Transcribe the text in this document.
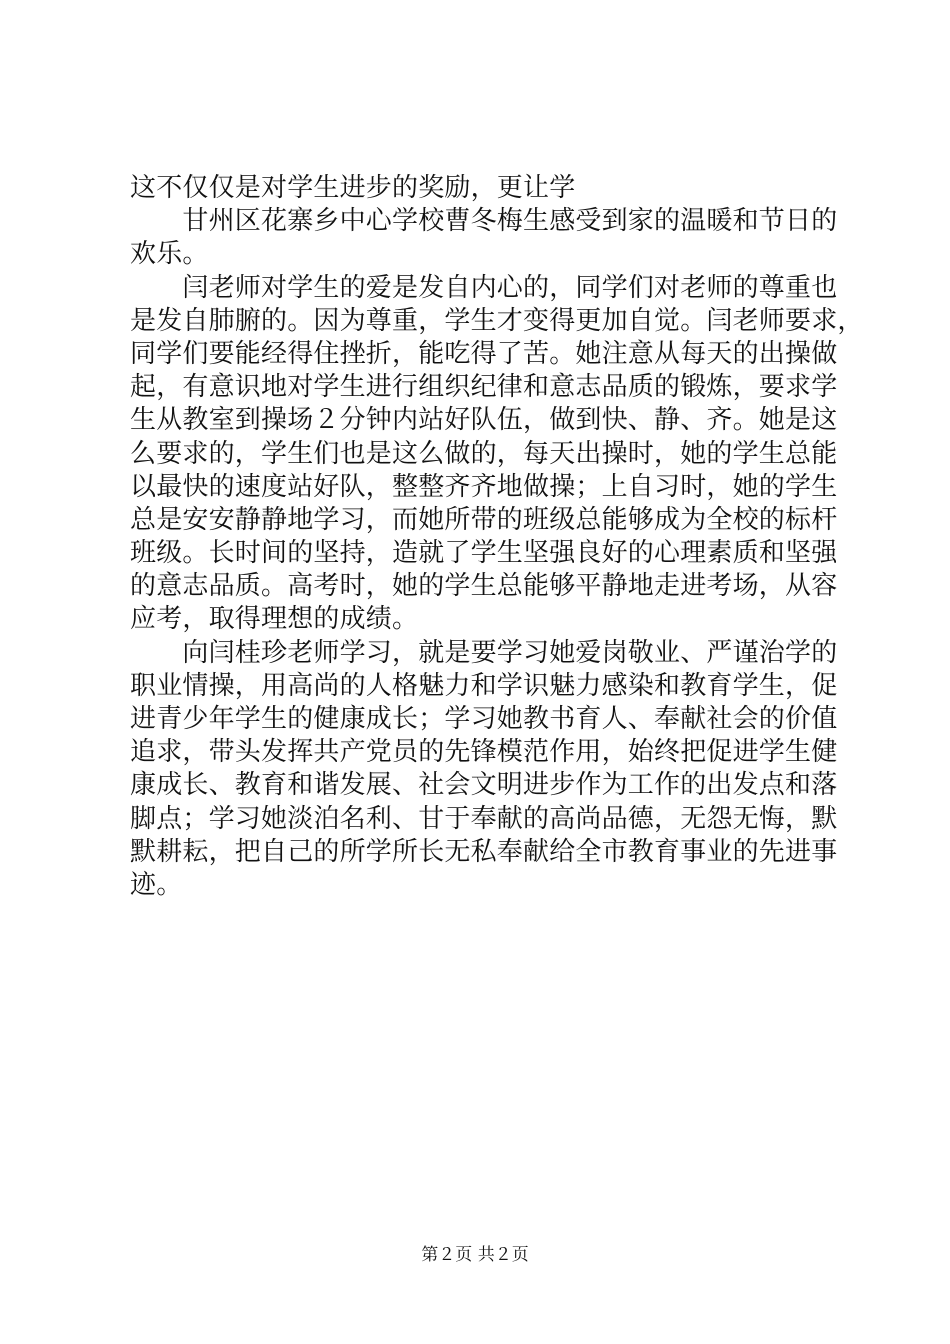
这不仅仅是对学生进步的奖励，更让学
　　甘州区花寨乡中心学校曹冬梅生感受到家的温暖和节日的
欢乐。
　　闫老师对学生的爱是发自内心的，同学们对老师的尊重也
是发自肺腑的。因为尊重，学生才变得更加自觉。闫老师要求，
同学们要能经得住挫折，能吃得了苦。她注意从每天的出操做
起，有意识地对学生进行组织纪律和意志品质的锻炼，要求学
生从教室到操场２分钟内站好队伍，做到快、静、齐。她是这
么要求的，学生们也是这么做的，每天出操时，她的学生总能
以最快的速度站好队，整整齐齐地做操；上自习时，她的学生
总是安安静静地学习，而她所带的班级总能够成为全校的标杆
班级。长时间的坚持，造就了学生坚强良好的心理素质和坚强
的意志品质。高考时，她的学生总能够平静地走进考场，从容
应考，取得理想的成绩。
　　向闫桂珍老师学习，就是要学习她爱岗敬业、严谨治学的
职业情操，用高尚的人格魅力和学识魅力感染和教育学生，促
进青少年学生的健康成长；学习她教书育人、奉献社会的价值
追求，带头发挥共产党员的先锋模范作用，始终把促进学生健
康成长、教育和谐发展、社会文明进步作为工作的出发点和落
脚点；学习她淡泊名利、甘于奉献的高尚品德，无怨无悔，默
默耕耘，把自己的所学所长无私奉献给全市教育事业的先进事
迹。
第２页 共２页
